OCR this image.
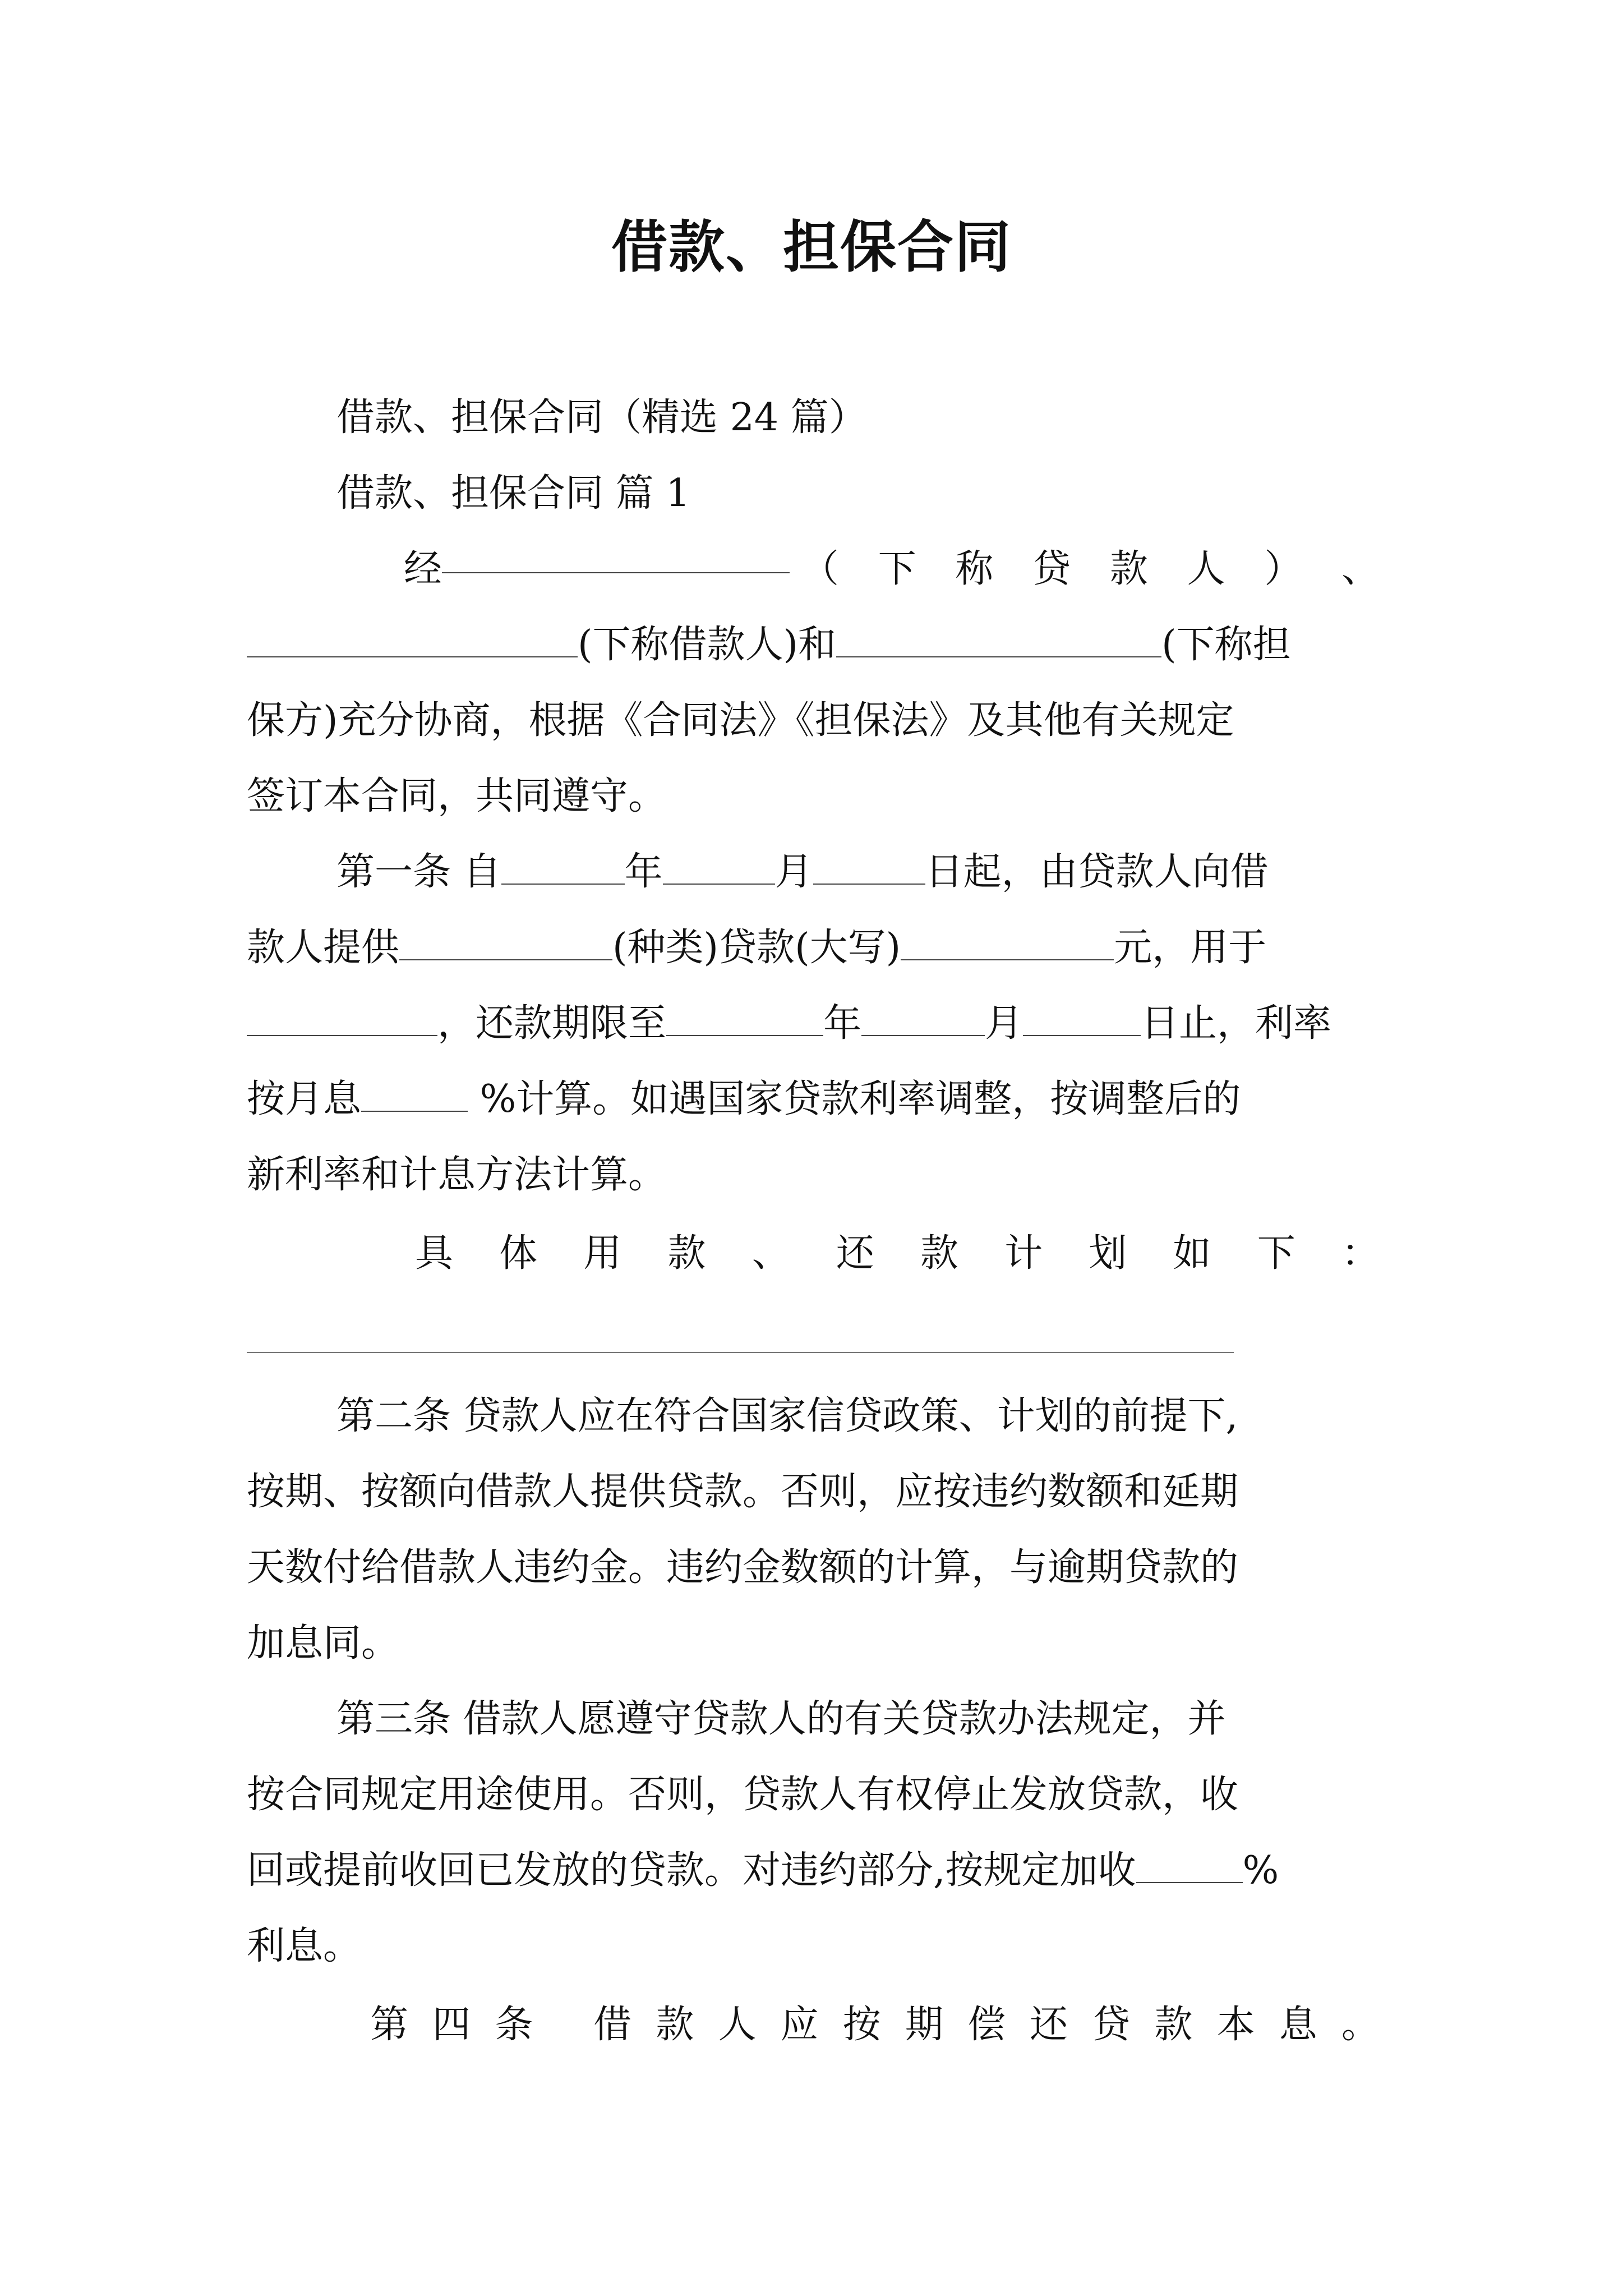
借款、担保合同
借款、担保合同（精选 24 篇）
借款、担保合同 篇 1
经	（ 下 称 贷 款 人 ） 、
(下称借款人)和	(下称担
保方)充分协商，根据《合同法》《担保法》及其他有关规定
签订本合同，共同遵守。
第一条 自	年	月	日起，由贷款人向借
款人提供	(种类)贷款(大写)	元，用于
，还款期限至	年	月	日止，利率
按月息	%计算。如遇国家贷款利率调整，按调整后的
新利率和计息方法计算。
具 体 用 款 、 还 款 计 划 如 下 ：
第二条 贷款人应在符合国家信贷政策、计划的前提下,
按期、按额向借款人提供贷款。否则，应按违约数额和延期
天数付给借款人违约金。违约金数额的计算，与逾期贷款的
加息同。
第三条 借款人愿遵守贷款人的有关贷款办法规定，并
按合同规定用途使用。否则，贷款人有权停止发放贷款，收
回或提前收回已发放的贷款。对违约部分,按规定加收	%
利息。
第 四 条
借 款 人 应 按 期 偿 还 贷 款 本 息 。
